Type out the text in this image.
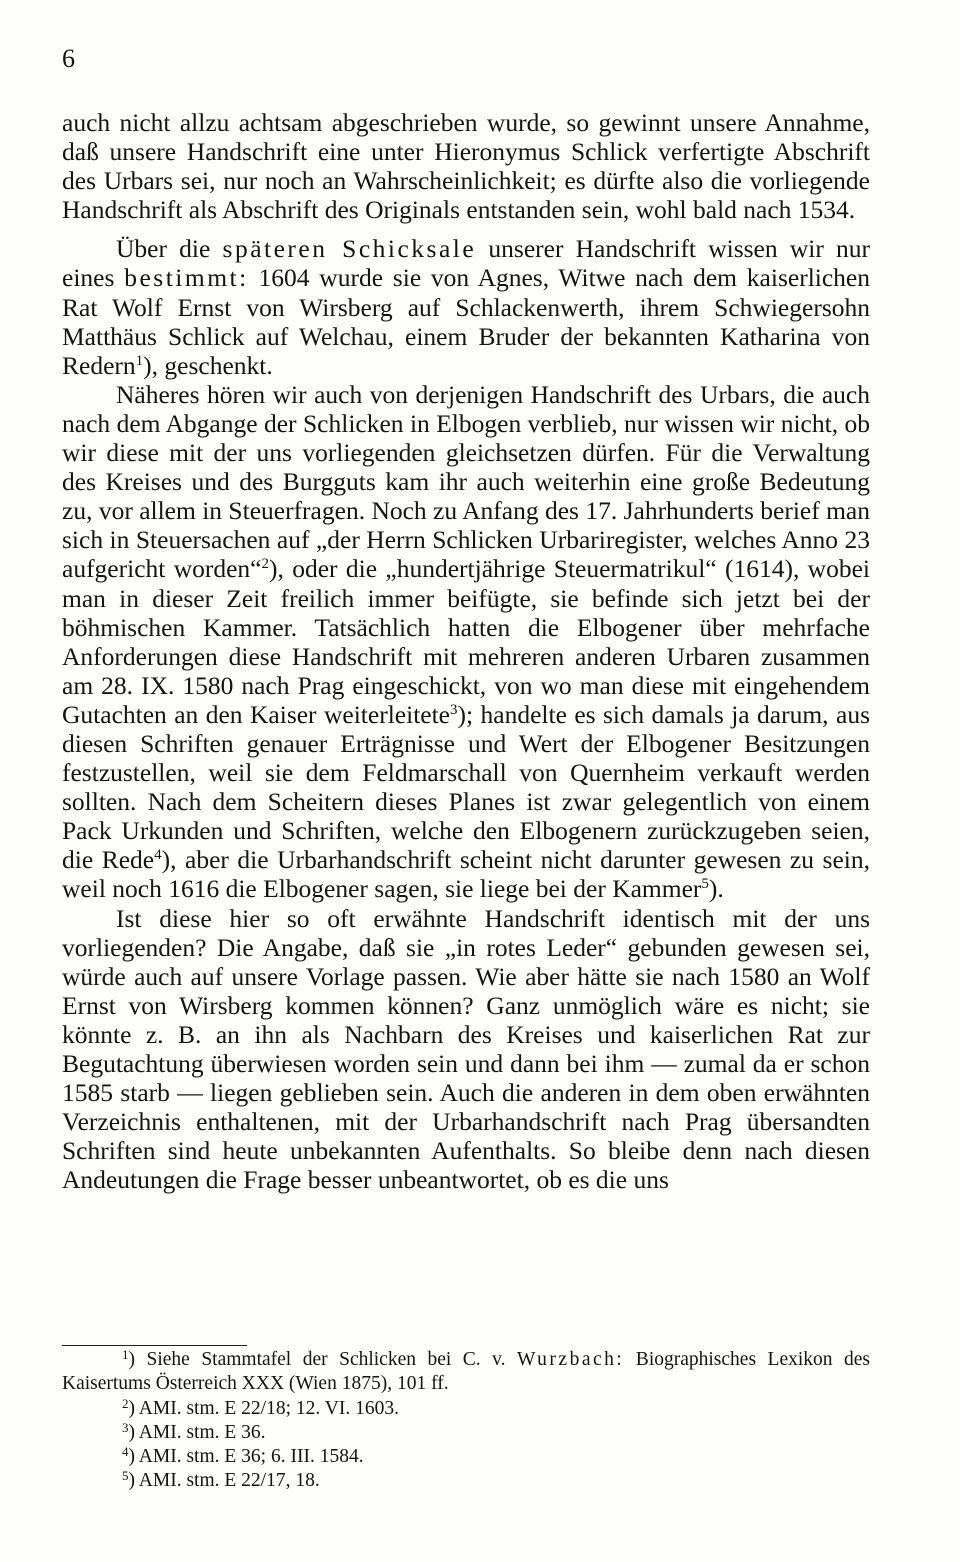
6

auch nicht allzu achtsam abgeschrieben wurde, so gewinnt unsere Annahme, daß unsere Handschrift eine unter Hieronymus Schlick verfertigte Abschrift des Urbars sei, nur noch an Wahrscheinlichkeit; es dürfte also die vorliegende Handschrift als Abschrift des Originals entstanden sein, wohl bald nach 1534.

Über die späteren Schicksale unserer Handschrift wissen wir nur eines bestimmt: 1604 wurde sie von Agnes, Witwe nach dem kaiserlichen Rat Wolf Ernst von Wirsberg auf Schlackenwerth, ihrem Schwiegersohn Matthäus Schlick auf Welchau, einem Bruder der bekannten Katharina von Redern$^1$), geschenkt.

Näheres hören wir auch von derjenigen Handschrift des Urbars, die auch nach dem Abgange der Schlicken in Elbogen verblieb, nur wissen wir nicht, ob wir diese mit der uns vorliegenden gleichsetzen dürfen. Für die Verwaltung des Kreises und des Burgguts kam ihr auch weiterhin eine große Bedeutung zu, vor allem in Steuerfragen. Noch zu Anfang des 17. Jahrhunderts berief man sich in Steuersachen auf „der Herrn Schlicken Urbariregister, welches Anno 23 aufgericht worden“$^2$), oder die „hundertjährige Steuermatrikul“ (1614), wobei man in dieser Zeit freilich immer beifügte, sie befinde sich jetzt bei der böhmischen Kammer. Tatsächlich hatten die Elbogener über mehrfache Anforderungen diese Handschrift mit mehreren anderen Urbaren zusammen am 28. IX. 1580 nach Prag eingeschickt, von wo man diese mit eingehendem Gutachten an den Kaiser weiterleitete$^3$); handelte es sich damals ja darum, aus diesen Schriften genauer Erträgnisse und Wert der Elbogener Besitzungen festzustellen, weil sie dem Feldmarschall von Quernheim verkauft werden sollten. Nach dem Scheitern dieses Planes ist zwar gelegentlich von einem Pack Urkunden und Schriften, welche den Elbogenern zurückzugeben seien, die Rede$^4$), aber die Urbarhandschrift scheint nicht darunter gewesen zu sein, weil noch 1616 die Elbogener sagen, sie liege bei der Kammer$^5$).

Ist diese hier so oft erwähnte Handschrift identisch mit der uns vorliegenden? Die Angabe, daß sie „in rotes Leder“ gebunden gewesen sei, würde auch auf unsere Vorlage passen. Wie aber hätte sie nach 1580 an Wolf Ernst von Wirsberg kommen können? Ganz unmöglich wäre es nicht; sie könnte z. B. an ihn als Nachbarn des Kreises und kaiserlichen Rat zur Begutachtung überwiesen worden sein und dann bei ihm — zumal da er schon 1585 starb — liegen geblieben sein. Auch die anderen in dem oben erwähnten Verzeichnis enthaltenen, mit der Urbarhandschrift nach Prag übersandten Schriften sind heute unbekannten Aufenthalts. So bleibe denn nach diesen Andeutungen die Frage besser unbeantwortet, ob es die uns

$^1$) Siehe Stammtafel der Schlicken bei C. v. Wurzbach: Biographisches Lexikon des Kaisertums Österreich XXX (Wien 1875), 101 ff.

$^2$) AMI. stm. E 22/18; 12. VI. 1603.

$^3$) AMI. stm. E 36.

$^4$) AMI. stm. E 36; 6. III. 1584.

$^5$) AMI. stm. E 22/17, 18.
